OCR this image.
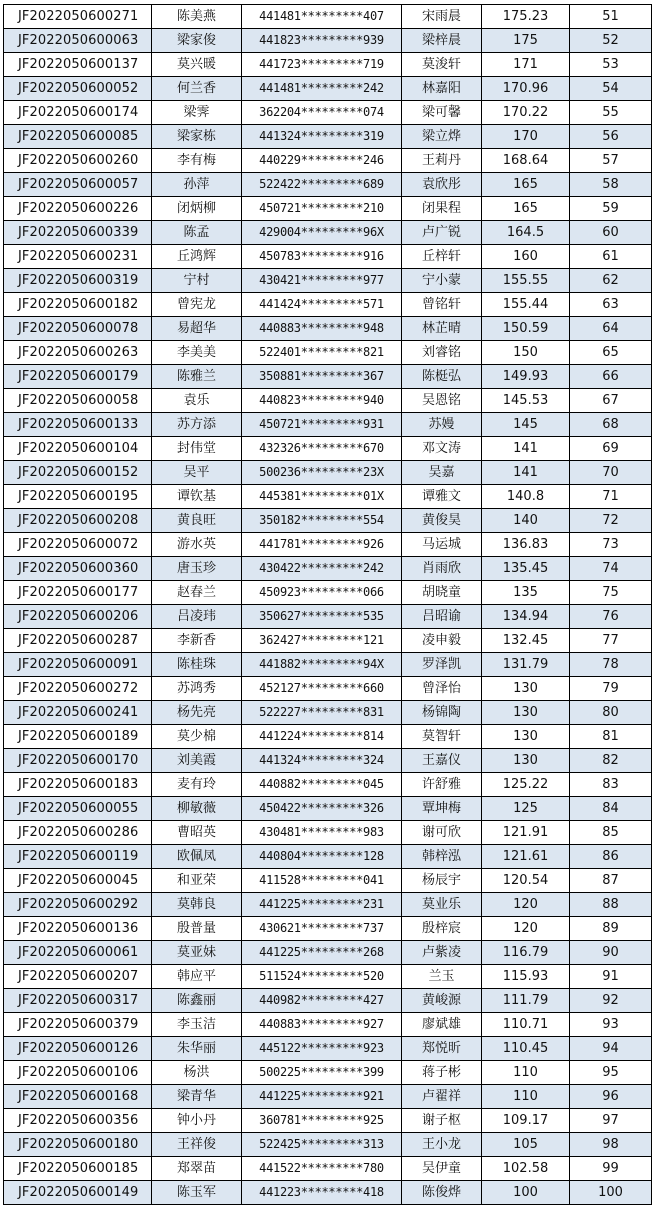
JF2022050600271	陈美燕	441481*********407	宋雨晨	175.23	51
JF2022050600063	梁家俊	441823*********939	梁梓晨	175	52
JF2022050600137	莫兴暖	441723*********719	莫浚轩	171	53
JF2022050600052	何兰香	441481*********242	林嘉阳	170.96	54
JF2022050600174	梁霁	362204*********074	梁可馨	170.22	55
JF2022050600085	梁家栋	441324*********319	梁立烨	170	56
JF2022050600260	李有梅	440229*********246	王莉丹	168.64	57
JF2022050600057	孙萍	522422*********689	袁欣彤	165	58
JF2022050600226	闭炳柳	450721*********210	闭果程	165	59
JF2022050600339	陈孟	429004*********96X	卢广锐	164.5	60
JF2022050600231	丘鸿辉	450783*********916	丘梓轩	160	61
JF2022050600319	宁村	430421*********977	宁小蒙	155.55	62
JF2022050600182	曾宪龙	441424*********571	曾铭轩	155.44	63
JF2022050600078	易超华	440883*********948	林芷晴	150.59	64
JF2022050600263	李美美	522401*********821	刘睿铭	150	65
JF2022050600179	陈雅兰	350881*********367	陈梃弘	149.93	66
JF2022050600058	袁乐	440823*********940	吴恩铭	145.53	67
JF2022050600133	苏方添	450721*********931	苏嫚	145	68
JF2022050600104	封伟堂	432326*********670	邓文涛	141	69
JF2022050600152	吴平	500236*********23X	吴嘉	141	70
JF2022050600195	谭钦基	445381*********01X	谭雅文	140.8	71
JF2022050600208	黄良旺	350182*********554	黄俊昊	140	72
JF2022050600072	游水英	441781*********926	马运城	136.83	73
JF2022050600360	唐玉珍	430422*********242	肖雨欣	135.45	74
JF2022050600177	赵春兰	450923*********066	胡晓童	135	75
JF2022050600206	吕凌玮	350627*********535	吕昭谕	134.94	76
JF2022050600287	李新香	362427*********121	凌申毅	132.45	77
JF2022050600091	陈桂珠	441882*********94X	罗泽凯	131.79	78
JF2022050600272	苏鸿秀	452127*********660	曾泽怡	130	79
JF2022050600241	杨先亮	522227*********831	杨锦陶	130	80
JF2022050600189	莫少棉	441224*********814	莫智轩	130	81
JF2022050600170	刘美霞	441324*********324	王嘉仪	130	82
JF2022050600183	麦有玲	440882*********045	许舒雅	125.22	83
JF2022050600055	柳敏薇	450422*********326	覃坤梅	125	84
JF2022050600286	曹昭英	430481*********983	谢可欣	121.91	85
JF2022050600119	欧佩凤	440804*********128	韩梓泓	121.61	86
JF2022050600045	和亚荣	411528*********041	杨辰宇	120.54	87
JF2022050600292	莫韩良	441225*********231	莫业乐	120	88
JF2022050600136	殷普量	430621*********737	殷梓宸	120	89
JF2022050600061	莫亚妹	441225*********268	卢紫凌	116.79	90
JF2022050600207	韩应平	511524*********520	兰玉	115.93	91
JF2022050600317	陈鑫丽	440982*********427	黄峻源	111.79	92
JF2022050600379	李玉洁	440883*********927	廖斌雄	110.71	93
JF2022050600126	朱华丽	445122*********923	郑悦昕	110.45	94
JF2022050600106	杨洪	500225*********399	蒋子彬	110	95
JF2022050600168	梁青华	441225*********921	卢翟祥	110	96
JF2022050600356	钟小丹	360781*********925	谢子枢	109.17	97
JF2022050600180	王祥俊	522425*********313	王小龙	105	98
JF2022050600185	郑翠苗	441522*********780	吴伊童	102.58	99
JF2022050600149	陈玉军	441223*********418	陈俊烨	100	100
